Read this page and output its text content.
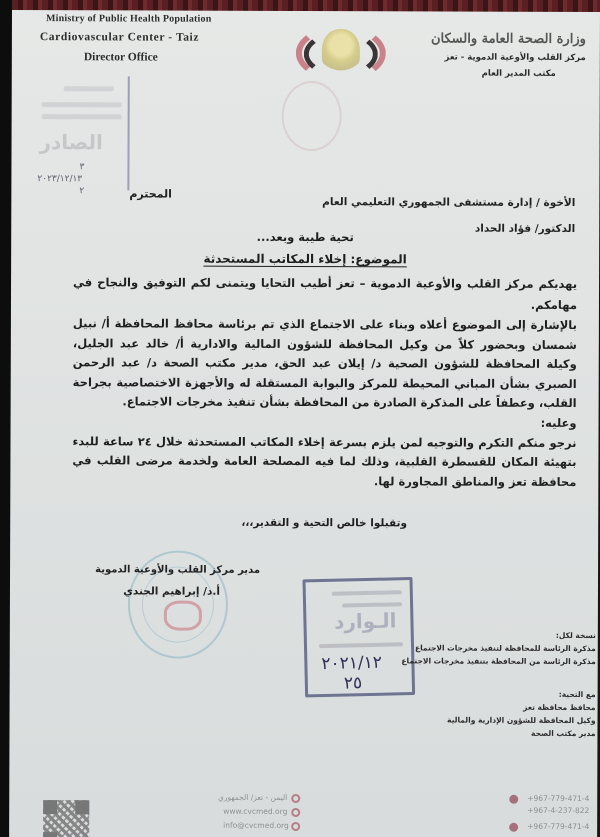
Ministry of Public Health Population
Cardiovascular Center - Taiz
Director Office
وزارة الصحة العامة والسكان
مركز القلب والأوعية الدموية - تعز
مكتب المدير العام
الصادر
٣
٢٠٢٣/١٢/١٣
٢	المحترم
الأخوة / إدارة مستشفى الجمهوري التعليمي العام
الدكتور/ فؤاد الحداد
تحية طيبة وبعد...
الموضوع: إخلاء المكاتب المستحدثة

يهديكم مركز القلب والأوعية الدموية – تعز أطيب التحايا ويتمنى لكم التوفيق والنجاح في مهامكم.

بالإشارة إلى الموضوع أعلاه وبناء على الاجتماع الذي تم برئاسة محافظ المحافظة أ/ نبيل شمسان وبحضور كلاً من وكيل المحافظة للشؤون المالية والادارية أ/ خالد عبد الجليل، وكيلة المحافظة للشؤون الصحية د/ إيلان عبد الحق، مدير مكتب الصحة د/ عبد الرحمن الصبري بشأن المباني المحيطة للمركز والبوابة المستقلة له والأجهزة الاختصاصية بجراحة القلب، وعطفاً على المذكرة الصادرة من المحافظة بشأن تنفيذ مخرجات الاجتماع.

وعليه:

نرجو منكم التكرم والتوجيه لمن يلزم بسرعة إخلاء المكاتب المستحدثة خلال ٢٤ ساعة للبدء بتهيئة المكان للقسطرة القلبية، وذلك لما فيه المصلحة العامة ولخدمة مرضى القلب في محافظة تعز والمناطق المجاورة لها.

وتقبلوا خالص التحية و التقدير،،،
مدير مركز القلب والأوعية الدموية
أ.د/ إبراهيم الجندي
الـوارد
٢٠٢١/١٢
٢٥
نسخة لكل:
مذكرة الرئاسة للمحافظة لتنفيذ مخرجات الاجتماع
مذكرة الرئاسة من المحافظة بتنفيذ مخرجات الاجتماع
مع التحية:
محافظ محافظة تعز
وكيل المحافظة للشؤون الإدارية والمالية
مدير مكتب الصحة
اليمن - تعز/ الجمهوري
www.cvcmed.org
info@cvcmed.org
+967-779-471-4
+967-4-237-822
+967-779-471-4
